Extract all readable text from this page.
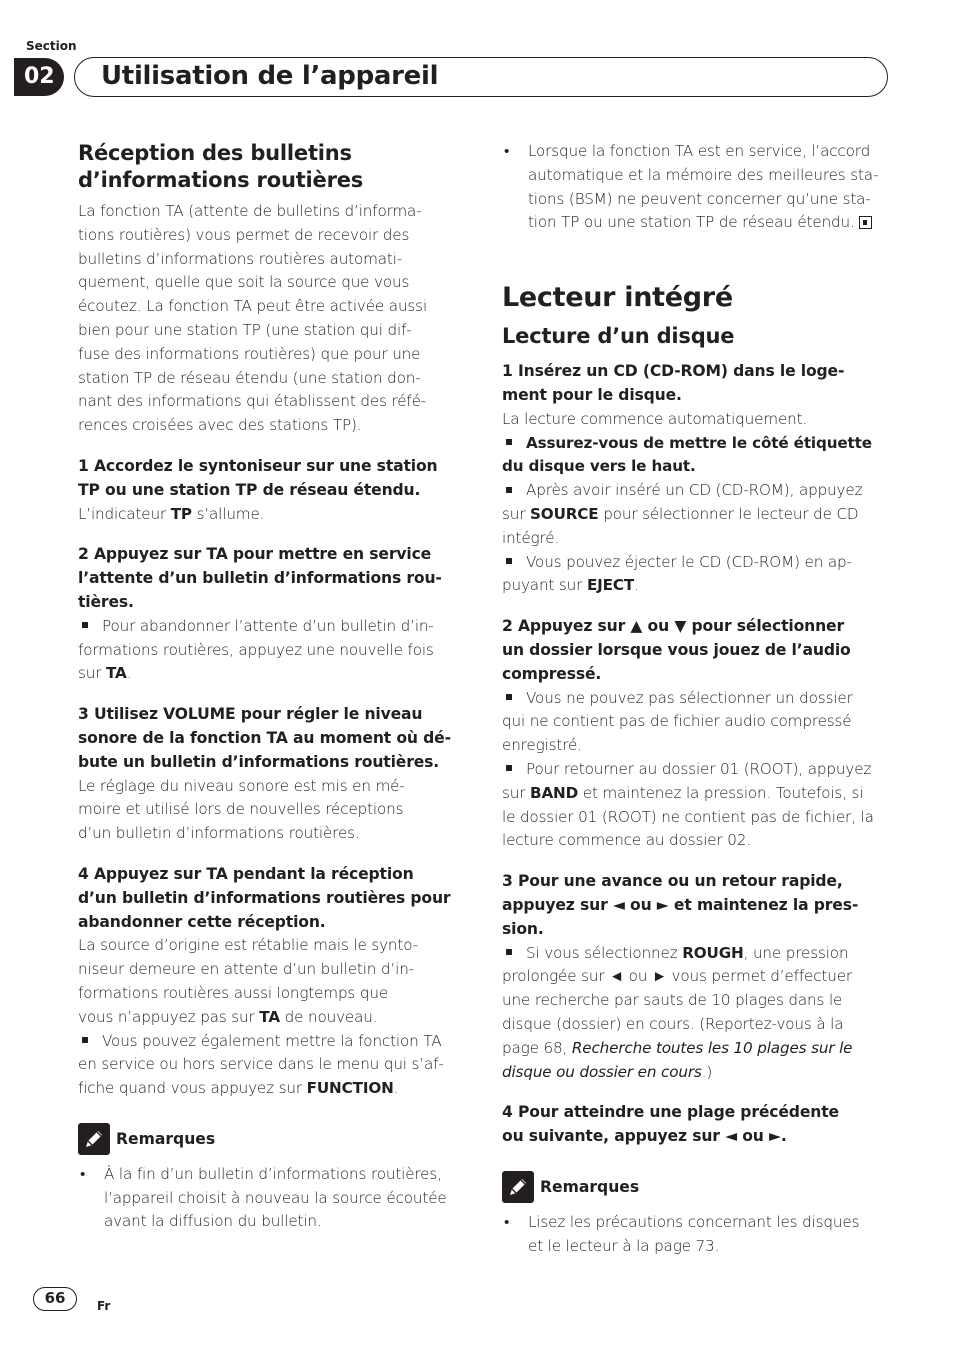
Section
02	Utilisation de l’appareil
Réception des bulletins
d’informations routières

La fonction TA (attente de bulletins d’informa-
tions routières) vous permet de recevoir des
bulletins d’informations routières automati-
quement, quelle que soit la source que vous
écoutez. La fonction TA peut être activée aussi
bien pour une station TP (une station qui dif-
fuse des informations routières) que pour une
station TP de réseau étendu (une station don-
nant des informations qui établissent des réfé-
rences croisées avec des stations TP).

1 Accordez le syntoniseur sur une station
TP ou une station TP de réseau étendu.

L’indicateur TP s’allume.

2 Appuyez sur TA pour mettre en service
l’attente d’un bulletin d’informations rou-
tières.

Pour abandonner l’attente d’un bulletin d’in-
formations routières, appuyez une nouvelle fois
sur TA.

3 Utilisez VOLUME pour régler le niveau
sonore de la fonction TA au moment où dé-
bute un bulletin d’informations routières.

Le réglage du niveau sonore est mis en mé-
moire et utilisé lors de nouvelles réceptions
d’un bulletin d’informations routières.

4 Appuyez sur TA pendant la réception
d’un bulletin d’informations routières pour
abandonner cette réception.

La source d’origine est rétablie mais le synto-
niseur demeure en attente d’un bulletin d’in-
formations routières aussi longtemps que
vous n’appuyez pas sur TA de nouveau.

Vous pouvez également mettre la fonction TA
en service ou hors service dans le menu qui s’af-
fiche quand vous appuyez sur FUNCTION.

Remarques
• À la fin d’un bulletin d’informations routières,
l’appareil choisit à nouveau la source écoutée
avant la diffusion du bulletin.
• Lorsque la fonction TA est en service, l’accord
automatique et la mémoire des meilleures sta-
tions (BSM) ne peuvent concerner qu’une sta-
tion TP ou une station TP de réseau étendu.
Lecteur intégré
Lecture d’un disque

1 Insérez un CD (CD-ROM) dans le loge-
ment pour le disque.

La lecture commence automatiquement.

Assurez-vous de mettre le côté étiquette
du disque vers le haut.

Après avoir inséré un CD (CD-ROM), appuyez
sur SOURCE pour sélectionner le lecteur de CD
intégré.

Vous pouvez éjecter le CD (CD-ROM) en ap-
puyant sur EJECT.

2 Appuyez sur ▲ ou ▼ pour sélectionner
un dossier lorsque vous jouez de l’audio
compressé.

Vous ne pouvez pas sélectionner un dossier
qui ne contient pas de fichier audio compressé
enregistré.

Pour retourner au dossier 01 (ROOT), appuyez
sur BAND et maintenez la pression. Toutefois, si
le dossier 01 (ROOT) ne contient pas de fichier, la
lecture commence au dossier 02.

3 Pour une avance ou un retour rapide,
appuyez sur ◄ ou ► et maintenez la pres-
sion.

Si vous sélectionnez ROUGH, une pression
prolongée sur ◄ ou ► vous permet d’effectuer
une recherche par sauts de 10 plages dans le
disque (dossier) en cours. (Reportez-vous à la
page 68, Recherche toutes les 10 plages sur le
disque ou dossier en cours.)

4 Pour atteindre une plage précédente
ou suivante, appuyez sur ◄ ou ►.

Remarques
• Lisez les précautions concernant les disques
et le lecteur à la page 73.
66	Fr
